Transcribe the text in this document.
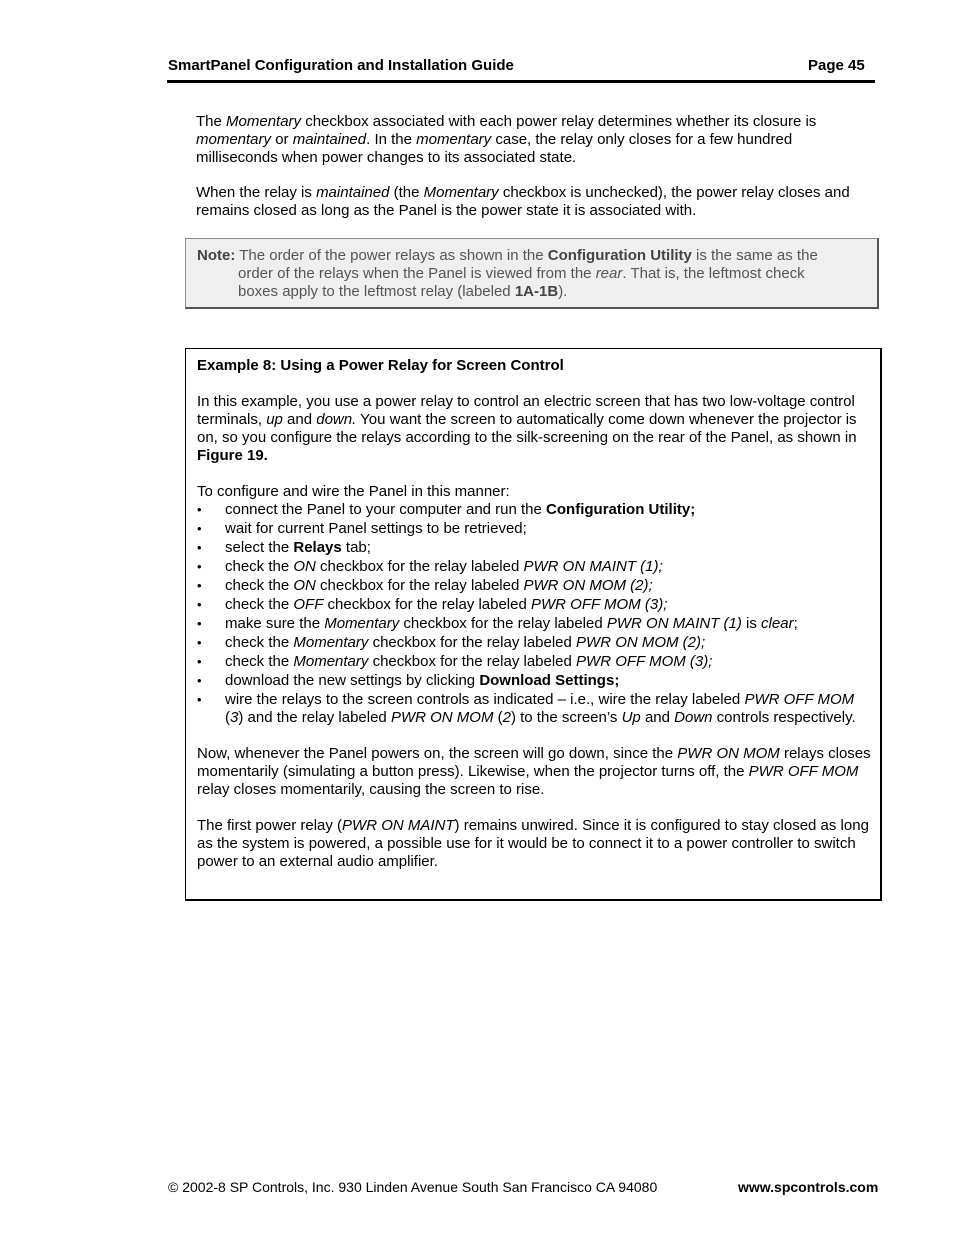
SmartPanel Configuration and Installation Guide	Page 45

The Momentary checkbox associated with each power relay determines whether its closure is momentary or maintained. In the momentary case, the relay only closes for a few hundred milliseconds when power changes to its associated state.

When the relay is maintained (the Momentary checkbox is unchecked), the power relay closes and remains closed as long as the Panel is the power state it is associated with.

Note: The order of the power relays as shown in the Configuration Utility is the same as the
order of the relays when the Panel is viewed from the rear. That is, the leftmost check
boxes apply to the leftmost relay (labeled 1A-1B).

Example 8: Using a Power Relay for Screen Control

In this example, you use a power relay to control an electric screen that has two low-voltage control terminals, up and down. You want the screen to automatically come down whenever the projector is on, so you configure the relays according to the silk-screening on the rear of the Panel, as shown in Figure 19.

To configure and wire the Panel in this manner:
• connect the Panel to your computer and run the Configuration Utility;
• wait for current Panel settings to be retrieved;
• select the Relays tab;
• check the ON checkbox for the relay labeled PWR ON MAINT (1);
• check the ON checkbox for the relay labeled PWR ON MOM (2);
• check the OFF checkbox for the relay labeled PWR OFF MOM (3);
• make sure the Momentary checkbox for the relay labeled PWR ON MAINT (1) is clear;
• check the Momentary checkbox for the relay labeled PWR ON MOM (2);
• check the Momentary checkbox for the relay labeled PWR OFF MOM (3);
• download the new settings by clicking Download Settings;
• wire the relays to the screen controls as indicated – i.e., wire the relay labeled PWR OFF MOM (3) and the relay labeled PWR ON MOM (2) to the screen’s Up and Down controls respectively.

Now, whenever the Panel powers on, the screen will go down, since the PWR ON MOM relays closes momentarily (simulating a button press). Likewise, when the projector turns off, the PWR OFF MOM relay closes momentarily, causing the screen to rise.

The first power relay (PWR ON MAINT) remains unwired. Since it is configured to stay closed as long as the system is powered, a possible use for it would be to connect it to a power controller to switch power to an external audio amplifier.

© 2002-8 SP Controls, Inc. 930 Linden Avenue South San Francisco CA 94080	www.spcontrols.com
